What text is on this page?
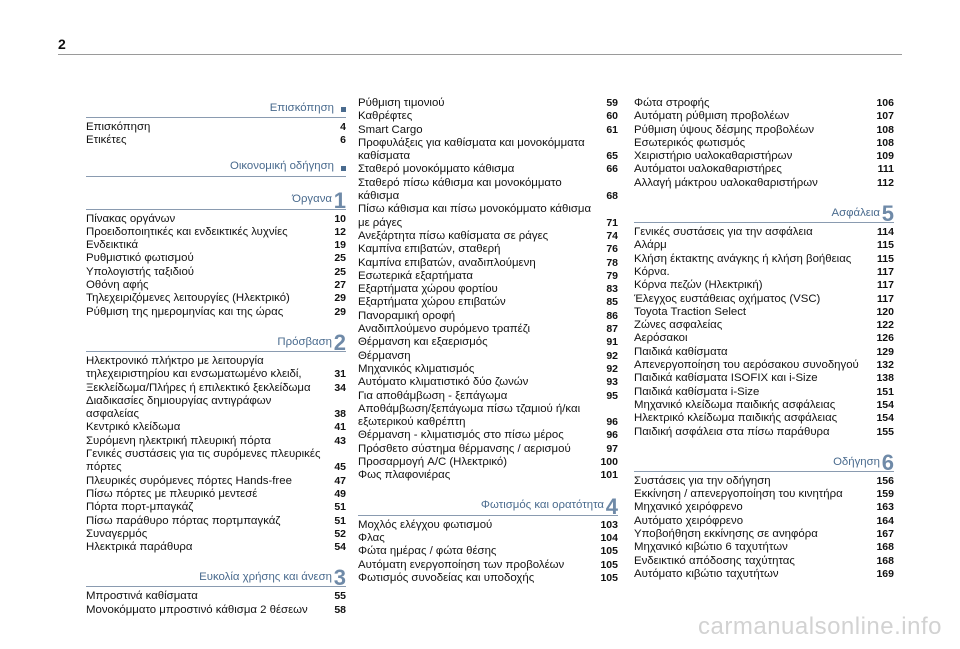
2
Επισκόπηση
Επισκόπηση	4
Ετικέτες	6
Οικονομική οδήγηση
Όργανα 1
Πίνακας οργάνων	10
Προειδοποιητικές και ενδεικτικές λυχνίες	12
Ενδεικτικά	19
Ρυθμιστικό φωτισμού	25
Υπολογιστής ταξιδιού	25
Οθόνη αφής	27
Τηλεχειριζόμενες λειτουργίες (Ηλεκτρικό)	29
Ρύθμιση της ημερομηνίας και της ώρας	29
Πρόσβαση 2
Ηλεκτρονικό πλήκτρο με λειτουργία τηλεχειριστηρίου και ενσωματωμένο κλειδί,	31
Ξεκλείδωμα/Πλήρες ή επιλεκτικό ξεκλείδωμα	34
Διαδικασίες δημιουργίας αντιγράφων ασφαλείας	38
Κεντρικό κλείδωμα	41
Συρόμενη ηλεκτρική πλευρική πόρτα	43
Γενικές συστάσεις για τις συρόμενες πλευρικές πόρτες	45
Πλευρικές συρόμενες πόρτες Hands-free	47
Πίσω πόρτες με πλευρικό μεντεσέ	49
Πόρτα πορτ-μπαγκάζ	51
Πίσω παράθυρο πόρτας πορτμπαγκάζ	51
Συναγερμός	52
Ηλεκτρικά παράθυρα	54
Ευκολία χρήσης και άνεση 3
Μπροστινά καθίσματα	55
Μονοκόμματο μπροστινό κάθισμα 2 θέσεων	58
Ρύθμιση τιμονιού	59
Καθρέφτες	60
Smart Cargo	61
Προφυλάξεις για καθίσματα και μονοκόμματα καθίσματα	65
Σταθερό μονοκόμματο κάθισμα	66
Σταθερό πίσω κάθισμα και μονοκόμματο κάθισμα	68
Πίσω κάθισμα και πίσω μονοκόμματο κάθισμα με ράγες	71
Ανεξάρτητα πίσω καθίσματα σε ράγες	74
Καμπίνα επιβατών, σταθερή	76
Καμπίνα επιβατών, αναδιπλούμενη	78
Εσωτερικά εξαρτήματα	79
Εξαρτήματα χώρου φορτίου	83
Εξαρτήματα χώρου επιβατών	85
Πανοραμική οροφή	86
Αναδιπλούμενο συρόμενο τραπέζι	87
Θέρμανση και εξαερισμός	91
Θέρμανση	92
Μηχανικός κλιματισμός	92
Αυτόματο κλιματιστικό δύο ζωνών	93
Για αποθάμβωση - ξεπάγωμα	95
Αποθάμβωση/ξεπάγωμα πίσω τζαμιού ή/και εξωτερικού καθρέπτη	96
Θέρμανση - κλιματισμός στο πίσω μέρος	96
Πρόσθετο σύστημα θέρμανσης / αερισμού	97
Προσαρμογή A/C (Ηλεκτρικό)	100
Φως πλαφονιέρας	101
Φωτισμός και ορατότητα 4
Μοχλός ελέγχου φωτισμού	103
Φλας	104
Φώτα ημέρας / φώτα θέσης	105
Αυτόματη ενεργοποίηση των προβολέων	105
Φωτισμός συνοδείας και υποδοχής	105
Φώτα στροφής	106
Αυτόματη ρύθμιση προβολέων	107
Ρύθμιση ύψους δέσμης προβολέων	108
Εσωτερικός φωτισμός	108
Χειριστήριο υαλοκαθαριστήρων	109
Αυτόματοι υαλοκαθαριστήρες	111
Αλλαγή μάκτρου υαλοκαθαριστήρων	112
Ασφάλεια 5
Γενικές συστάσεις για την ασφάλεια	114
Αλάρμ	115
Κλήση έκτακτης ανάγκης ή κλήση βοήθειας	115
Κόρνα.	117
Κόρνα πεζών (Ηλεκτρική)	117
Έλεγχος ευστάθειας οχήματος (VSC)	117
Toyota Traction Select	120
Ζώνες ασφαλείας	122
Αερόσακοι	126
Παιδικά καθίσματα	129
Απενεργοποίηση του αερόσακου συνοδηγού	132
Παιδικά καθίσματα ISOFIX και i-Size	138
Παιδικά καθίσματα i-Size	151
Μηχανικό κλείδωμα παιδικής ασφάλειας	154
Ηλεκτρικό κλείδωμα παιδικής ασφάλειας	154
Παιδική ασφάλεια στα πίσω παράθυρα	155
Οδήγηση 6
Συστάσεις για την οδήγηση	156
Εκκίνηση / απενεργοποίηση του κινητήρα	159
Μηχανικό χειρόφρενο	163
Αυτόματο χειρόφρενο	164
Υποβοήθηση εκκίνησης σε ανηφόρα	167
Μηχανικό κιβώτιο 6 ταχυτήτων	168
Ενδεικτικό απόδοσης ταχύτητας	168
Αυτόματο κιβώτιο ταχυτήτων	169
carmanualsonline.info
